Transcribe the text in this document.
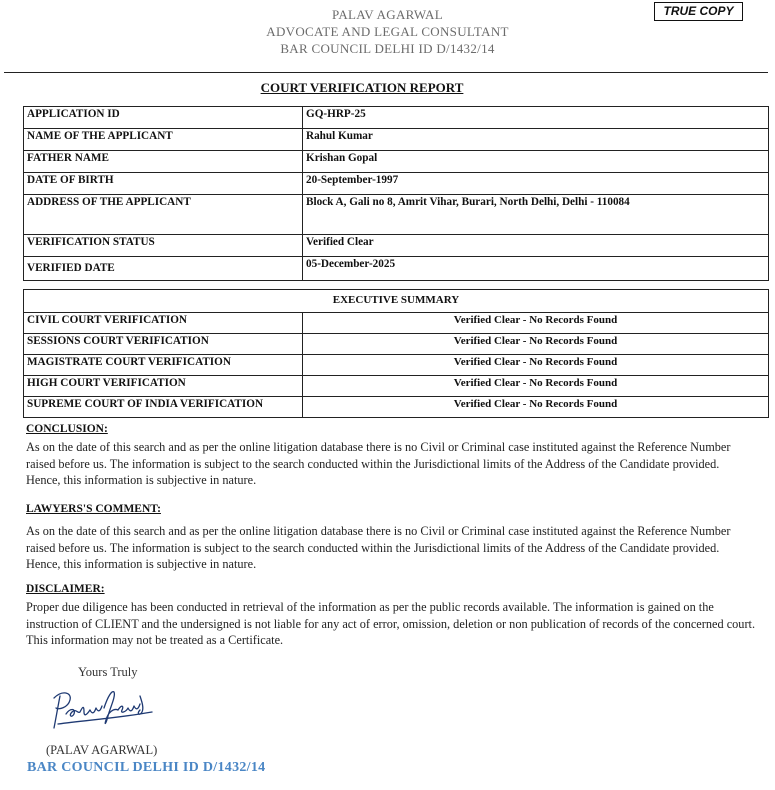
PALAV AGARWAL
ADVOCATE AND LEGAL CONSULTANT
BAR COUNCIL DELHI ID D/1432/14
TRUE COPY
COURT VERIFICATION REPORT
APPLICATION ID	GQ-HRP-25
NAME OF THE APPLICANT	Rahul Kumar
FATHER NAME	Krishan Gopal
DATE OF BIRTH	20-September-1997
ADDRESS OF THE APPLICANT	Block A, Gali no 8, Amrit Vihar, Burari, North Delhi, Delhi - 110084
VERIFICATION STATUS	Verified Clear
VERIFIED DATE	05-December-2025
EXECUTIVE SUMMARY	
CIVIL COURT VERIFICATION	Verified Clear - No Records Found
SESSIONS COURT VERIFICATION	Verified Clear - No Records Found
MAGISTRATE COURT VERIFICATION	Verified Clear - No Records Found
HIGH COURT VERIFICATION	Verified Clear - No Records Found
SUPREME COURT OF INDIA VERIFICATION	Verified Clear - No Records Found
CONCLUSION:
As on the date of this search and as per the online litigation database there is no Civil or Criminal case instituted against the Reference Number raised before us. The information is subject to the search conducted within the Jurisdictional limits of the Address of the Candidate provided. Hence, this information is subjective in nature.
LAWYERS'S COMMENT:
As on the date of this search and as per the online litigation database there is no Civil or Criminal case instituted against the Reference Number raised before us. The information is subject to the search conducted within the Jurisdictional limits of the Address of the Candidate provided. Hence, this information is subjective in nature.
DISCLAIMER:
Proper due diligence has been conducted in retrieval of the information as per the public records available. The information is gained on the instruction of CLIENT and the undersigned is not liable for any act of error, omission, deletion or non publication of records of the concerned court. This information may not be treated as a Certificate.
Yours Truly
(PALAV AGARWAL)
BAR COUNCIL DELHI ID D/1432/14
